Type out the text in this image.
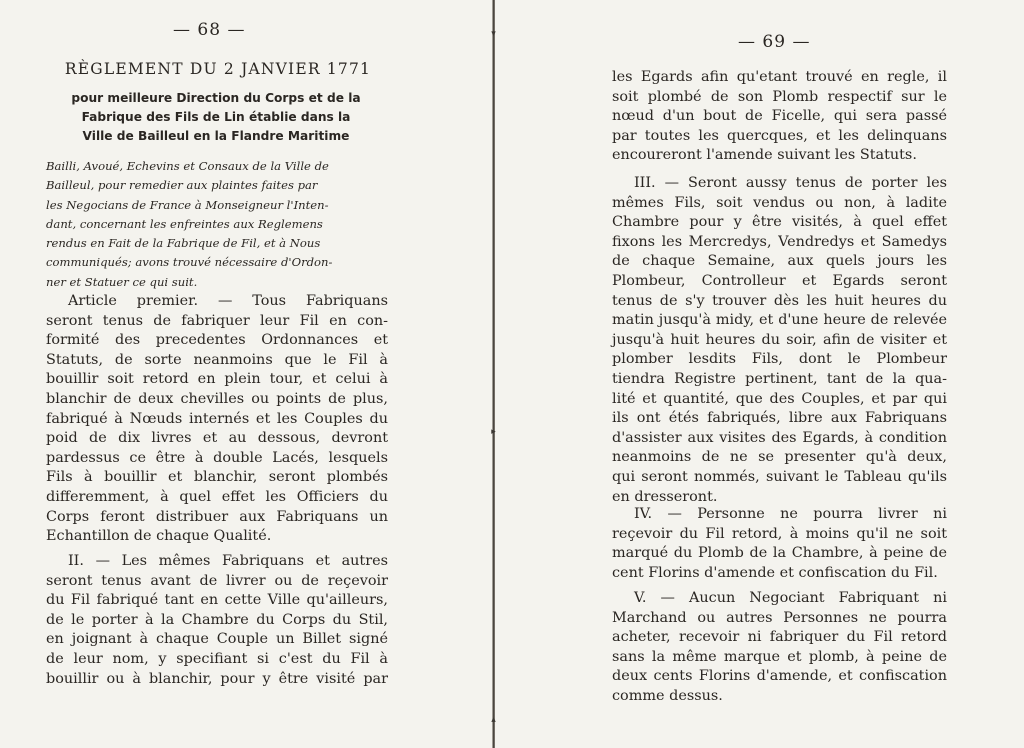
▾
▸
▴
— 68 —
RÈGLEMENT DU 2 JANVIER 1771
pour meilleure Direction du Corps et de la
Fabrique des Fils de Lin établie dans la
Ville de Bailleul en la Flandre Maritime
Bailli, Avoué, Echevins et Consaux de la Ville de
Bailleul, pour remedier aux plaintes faites par
les Negocians de France à Monseigneur l'Inten-
dant, concernant les enfreintes aux Reglemens
rendus en Fait de la Fabrique de Fil, et à Nous
communiqués; avons trouvé nécessaire d'Ordon-
ner et Statuer ce qui suit.
Article premier. — Tous Fabriquans
seront tenus de fabriquer leur Fil en con-
formité des precedentes Ordonnances et
Statuts, de sorte neanmoins que le Fil à
bouillir soit retord en plein tour, et celui à
blanchir de deux chevilles ou points de plus,
fabriqué à Nœuds internés et les Couples du
poid de dix livres et au dessous, devront
pardessus ce être à double Lacés, lesquels
Fils à bouillir et blanchir, seront plombés
differemment, à quel effet les Officiers du
Corps feront distribuer aux Fabriquans un
Echantillon de chaque Qualité.
II. — Les mêmes Fabriquans et autres
seront tenus avant de livrer ou de reçevoir
du Fil fabriqué tant en cette Ville qu'ailleurs,
de le porter à la Chambre du Corps du Stil,
en joignant à chaque Couple un Billet signé
de leur nom, y specifiant si c'est du Fil à
bouillir ou à blanchir, pour y être visité par
— 69 —
les Egards afin qu'etant trouvé en regle, il
soit plombé de son Plomb respectif sur le
nœud d'un bout de Ficelle, qui sera passé
par toutes les quercques, et les delinquans
encoureront l'amende suivant les Statuts.
III. — Seront aussy tenus de porter les
mêmes Fils, soit vendus ou non, à ladite
Chambre pour y être visités, à quel effet
fixons les Mercredys, Vendredys et Samedys
de chaque Semaine, aux quels jours les
Plombeur, Controlleur et Egards seront
tenus de s'y trouver dès les huit heures du
matin jusqu'à midy, et d'une heure de relevée
jusqu'à huit heures du soir, afin de visiter et
plomber lesdits Fils, dont le Plombeur
tiendra Registre pertinent, tant de la qua-
lité et quantité, que des Couples, et par qui
ils ont étés fabriqués, libre aux Fabriquans
d'assister aux visites des Egards, à condition
neanmoins de ne se presenter qu'à deux,
qui seront nommés, suivant le Tableau qu'ils
en dresseront.
IV. — Personne ne pourra livrer ni
reçevoir du Fil retord, à moins qu'il ne soit
marqué du Plomb de la Chambre, à peine de
cent Florins d'amende et confiscation du Fil.
V. — Aucun Negociant Fabriquant ni
Marchand ou autres Personnes ne pourra
acheter, recevoir ni fabriquer du Fil retord
sans la même marque et plomb, à peine de
deux cents Florins d'amende, et confiscation
comme dessus.
